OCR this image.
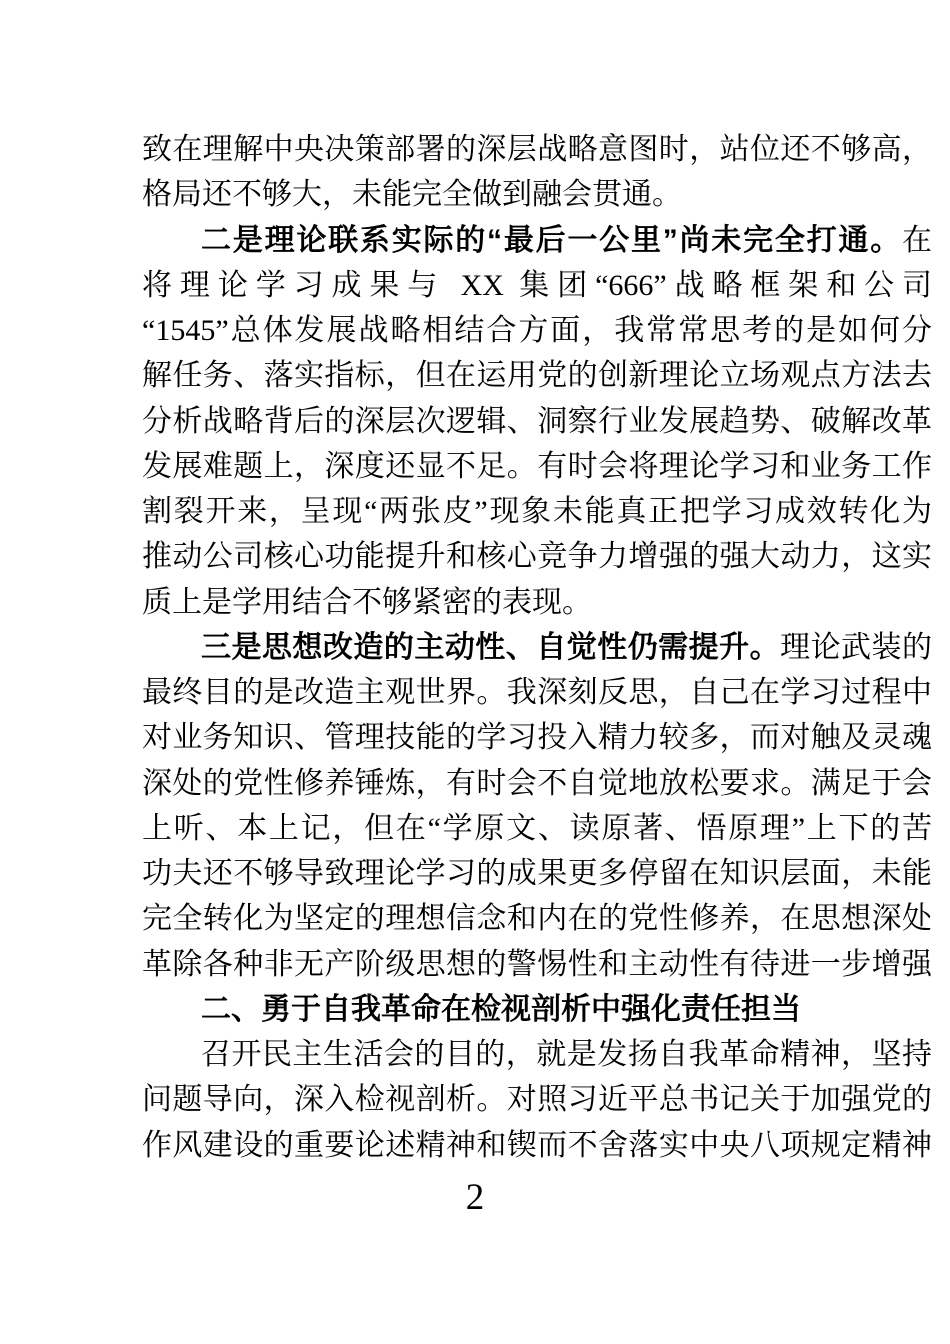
致在理解中央决策部署的深层战略意图时，站位还不够高，
格局还不够大，未能完全做到融会贯通。
二是理论联系实际的“最后一公里”尚未完全打通。在
将理论学习成果与 XX 集团“666”战略框架和公司
“1545”总体发展战略相结合方面，我常常思考的是如何分
解任务、落实指标，但在运用党的创新理论立场观点方法去
分析战略背后的深层次逻辑、洞察行业发展趋势、破解改革
发展难题上，深度还显不足。有时会将理论学习和业务工作
割裂开来，呈现“两张皮”现象未能真正把学习成效转化为
推动公司核心功能提升和核心竞争力增强的强大动力，这实
质上是学用结合不够紧密的表现。
三是思想改造的主动性、自觉性仍需提升。理论武装的
最终目的是改造主观世界。我深刻反思，自己在学习过程中
对业务知识、管理技能的学习投入精力较多，而对触及灵魂
深处的党性修养锤炼，有时会不自觉地放松要求。满足于会
上听、本上记，但在“学原文、读原著、悟原理”上下的苦
功夫还不够导致理论学习的成果更多停留在知识层面，未能
完全转化为坚定的理想信念和内在的党性修养，在思想深处
革除各种非无产阶级思想的警惕性和主动性有待进一步增强
二、勇于自我革命在检视剖析中强化责任担当
召开民主生活会的目的，就是发扬自我革命精神，坚持
问题导向，深入检视剖析。对照习近平总书记关于加强党的
作风建设的重要论述精神和锲而不舍落实中央八项规定精神
2
